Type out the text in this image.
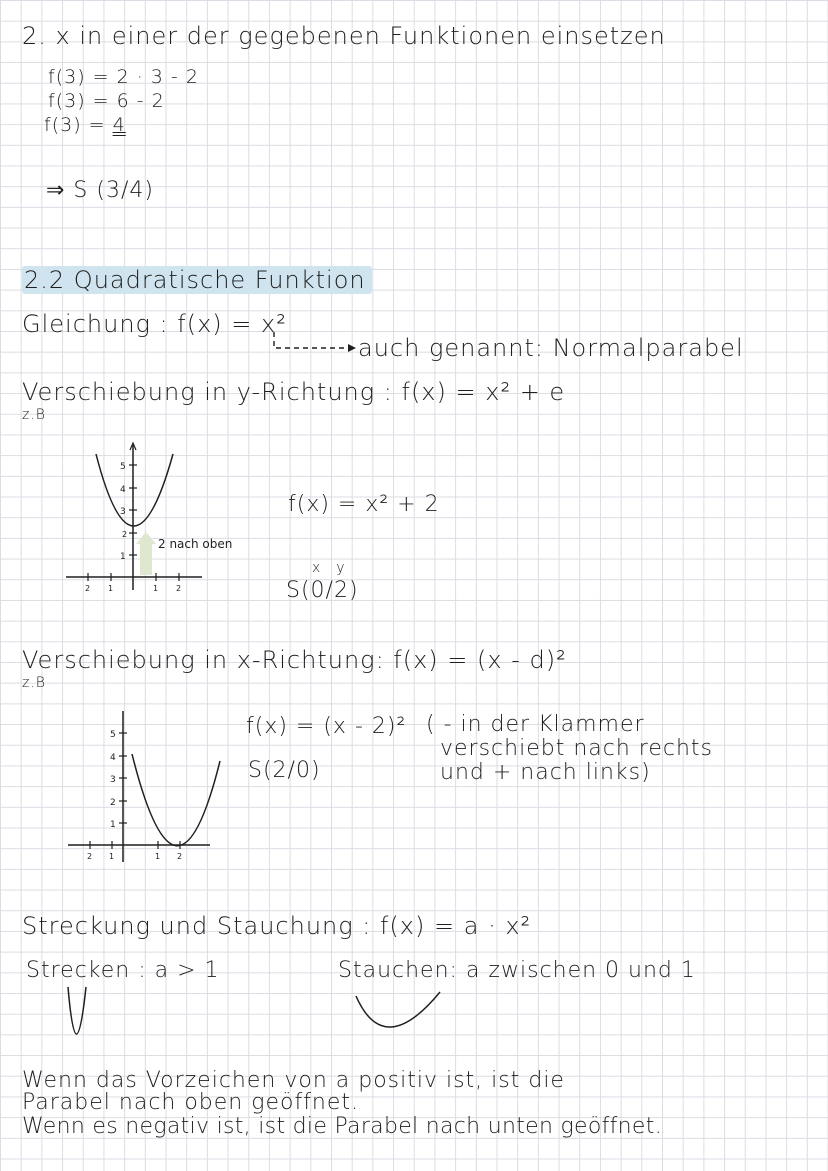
2. x in einer der gegebenen Funktionen einsetzen
f(3) = 2 · 3 - 2
f(3) = 6 - 2
f(3) = 4
⇒ S (3/4)
2.2 Quadratische Funktion
Gleichung : f(x) = x²
auch genannt: Normalparabel
Verschiebung in y-Richtung : f(x) = x² + e
z.B
5
4
3
2
1
2 1	1 2
2 nach oben
f(x) = x² + 2
xy
S(0/2)
Verschiebung in x-Richtung: f(x) = (x - d)²
z.B
5
4
3
2
1
2 1	1 2
f(x) = (x - 2)²
S(2/0)
( - in der Klammer
verschiebt nach rechts
und + nach links)
Streckung und Stauchung : f(x) = a · x²
Strecken : a > 1	Stauchen: a zwischen 0 und 1
Wenn das Vorzeichen von a positiv ist, ist die
Parabel nach oben geöffnet.
Wenn es negativ ist, ist die Parabel nach unten geöffnet.
